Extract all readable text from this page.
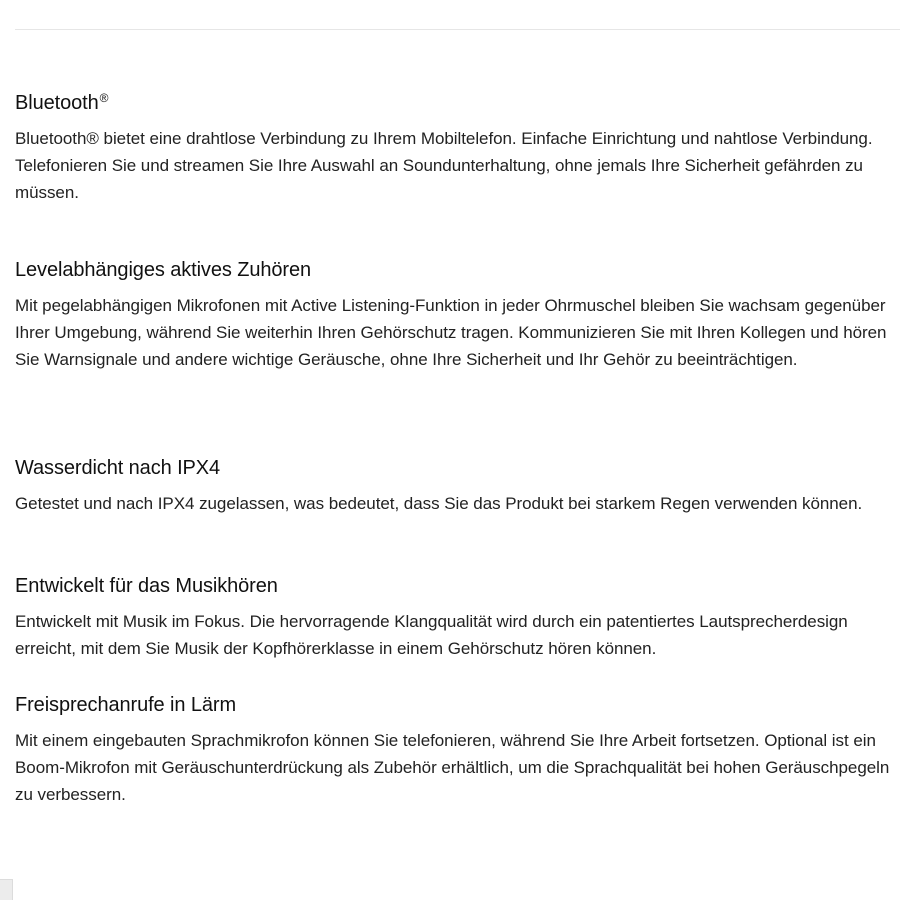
Bluetooth®

Bluetooth® bietet eine drahtlose Verbindung zu Ihrem Mobiltelefon. Einfache Einrichtung und nahtlose Verbindung. Telefonieren Sie und streamen Sie Ihre Auswahl an Soundunterhaltung, ohne jemals Ihre Sicherheit gefährden zu müssen.

Levelabhängiges aktives Zuhören

Mit pegelabhängigen Mikrofonen mit Active Listening-Funktion in jeder Ohrmuschel bleiben Sie wachsam gegenüber Ihrer Umgebung, während Sie weiterhin Ihren Gehörschutz tragen. Kommunizieren Sie mit Ihren Kollegen und hören Sie Warnsignale und andere wichtige Geräusche, ohne Ihre Sicherheit und Ihr Gehör zu beeinträchtigen.

Wasserdicht nach IPX4

Getestet und nach IPX4 zugelassen, was bedeutet, dass Sie das Produkt bei starkem Regen verwenden können.

Entwickelt für das Musikhören

Entwickelt mit Musik im Fokus. Die hervorragende Klangqualität wird durch ein patentiertes Lautsprecherdesign erreicht, mit dem Sie Musik der Kopfhörerklasse in einem Gehörschutz hören können.

Freisprechanrufe in Lärm

Mit einem eingebauten Sprachmikrofon können Sie telefonieren, während Sie Ihre Arbeit fortsetzen. Optional ist ein Boom-Mikrofon mit Geräuschunterdrückung als Zubehör erhältlich, um die Sprachqualität bei hohen Geräuschpegeln zu verbessern.
